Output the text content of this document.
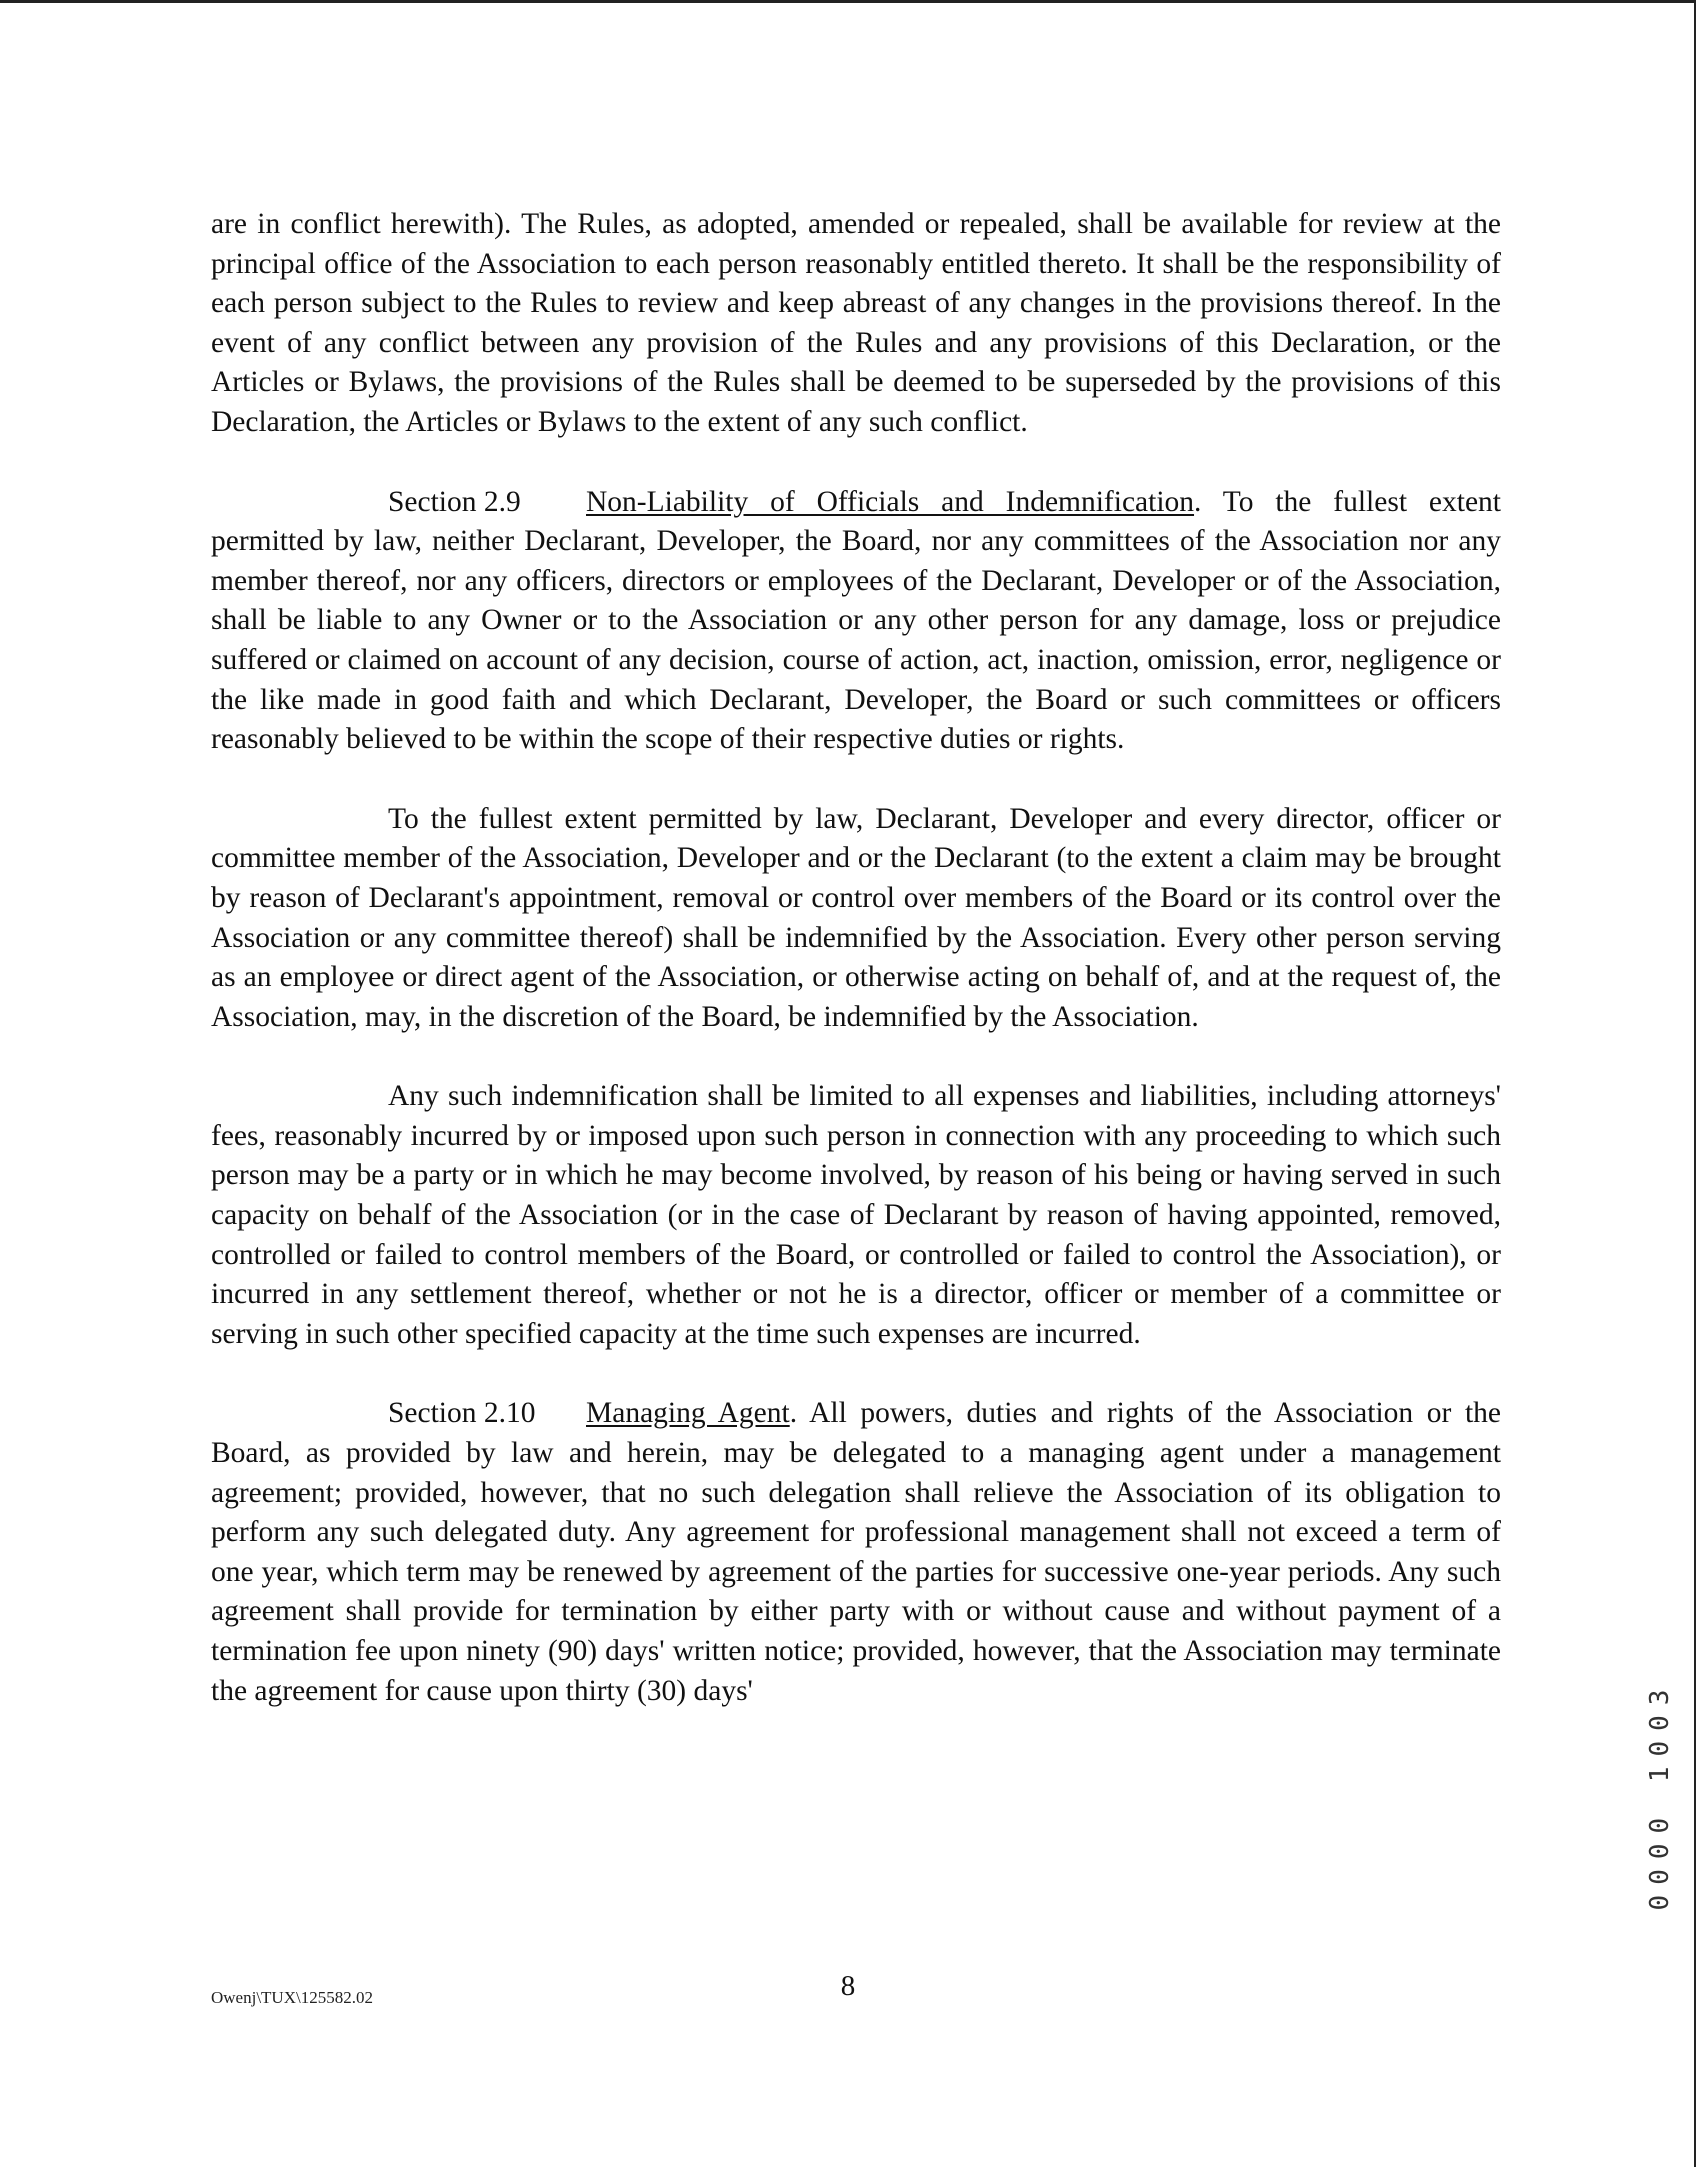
are in conflict herewith). The Rules, as adopted, amended or repealed, shall be available for review at the principal office of the Association to each person reasonably entitled thereto. It shall be the responsibility of each person subject to the Rules to review and keep abreast of any changes in the provisions thereof. In the event of any conflict between any provision of the Rules and any provisions of this Declaration, or the Articles or Bylaws, the provisions of the Rules shall be deemed to be superseded by the provisions of this Declaration, the Articles or Bylaws to the extent of any such conflict.

Section 2.9 Non-Liability of Officials and Indemnification. To the fullest extent permitted by law, neither Declarant, Developer, the Board, nor any committees of the Association nor any member thereof, nor any officers, directors or employees of the Declarant, Developer or of the Association, shall be liable to any Owner or to the Association or any other person for any damage, loss or prejudice suffered or claimed on account of any decision, course of action, act, inaction, omission, error, negligence or the like made in good faith and which Declarant, Developer, the Board or such committees or officers reasonably believed to be within the scope of their respective duties or rights.

To the fullest extent permitted by law, Declarant, Developer and every director, officer or committee member of the Association, Developer and or the Declarant (to the extent a claim may be brought by reason of Declarant's appointment, removal or control over members of the Board or its control over the Association or any committee thereof) shall be indemnified by the Association. Every other person serving as an employee or direct agent of the Association, or otherwise acting on behalf of, and at the request of, the Association, may, in the discretion of the Board, be indemnified by the Association.

Any such indemnification shall be limited to all expenses and liabilities, including attorneys' fees, reasonably incurred by or imposed upon such person in connection with any proceeding to which such person may be a party or in which he may become involved, by reason of his being or having served in such capacity on behalf of the Association (or in the case of Declarant by reason of having appointed, removed, controlled or failed to control members of the Board, or controlled or failed to control the Association), or incurred in any settlement thereof, whether or not he is a director, officer or member of a committee or serving in such other specified capacity at the time such expenses are incurred.

Section 2.10 Managing Agent. All powers, duties and rights of the Association or the Board, as provided by law and herein, may be delegated to a managing agent under a management agreement; provided, however, that no such delegation shall relieve the Association of its obligation to perform any such delegated duty. Any agreement for professional management shall not exceed a term of one year, which term may be renewed by agreement of the parties for successive one-year periods. Any such agreement shall provide for termination by either party with or without cause and without payment of a termination fee upon ninety (90) days' written notice; provided, however, that the Association may terminate the agreement for cause upon thirty (30) days'

Owenj\TUX\125582.02	8
0000 1003
